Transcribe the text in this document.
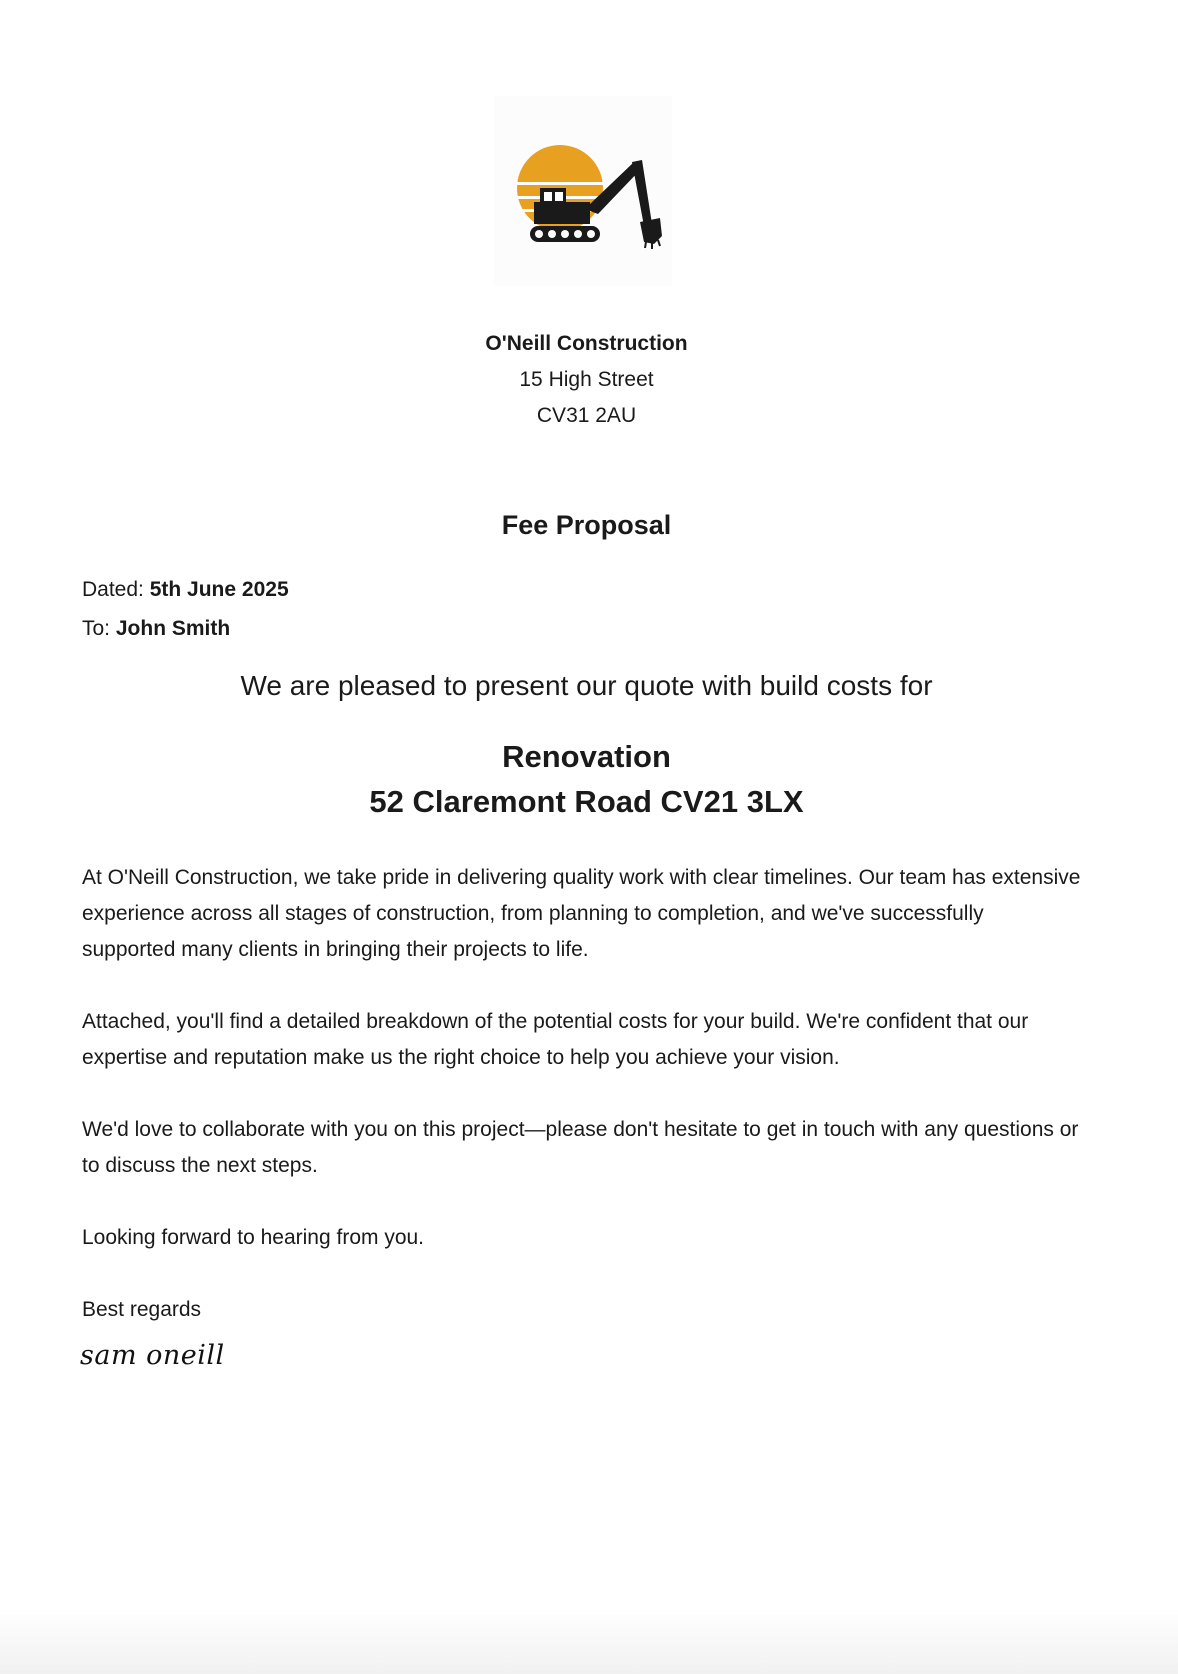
O'Neill Construction
15 High Street
CV31 2AU
Fee Proposal
Dated: 5th June 2025
To: John Smith
We are pleased to present our quote with build costs for
Renovation
52 Claremont Road CV21 3LX

At O'Neill Construction, we take pride in delivering quality work with clear timelines. Our team has extensive experience across all stages of construction, from planning to completion, and we've successfully supported many clients in bringing their projects to life.

Attached, you'll find a detailed breakdown of the potential costs for your build. We're confident that our expertise and reputation make us the right choice to help you achieve your vision.

We'd love to collaborate with you on this project—please don't hesitate to get in touch with any questions or to discuss the next steps.

Looking forward to hearing from you.

Best regards

sam oneill
